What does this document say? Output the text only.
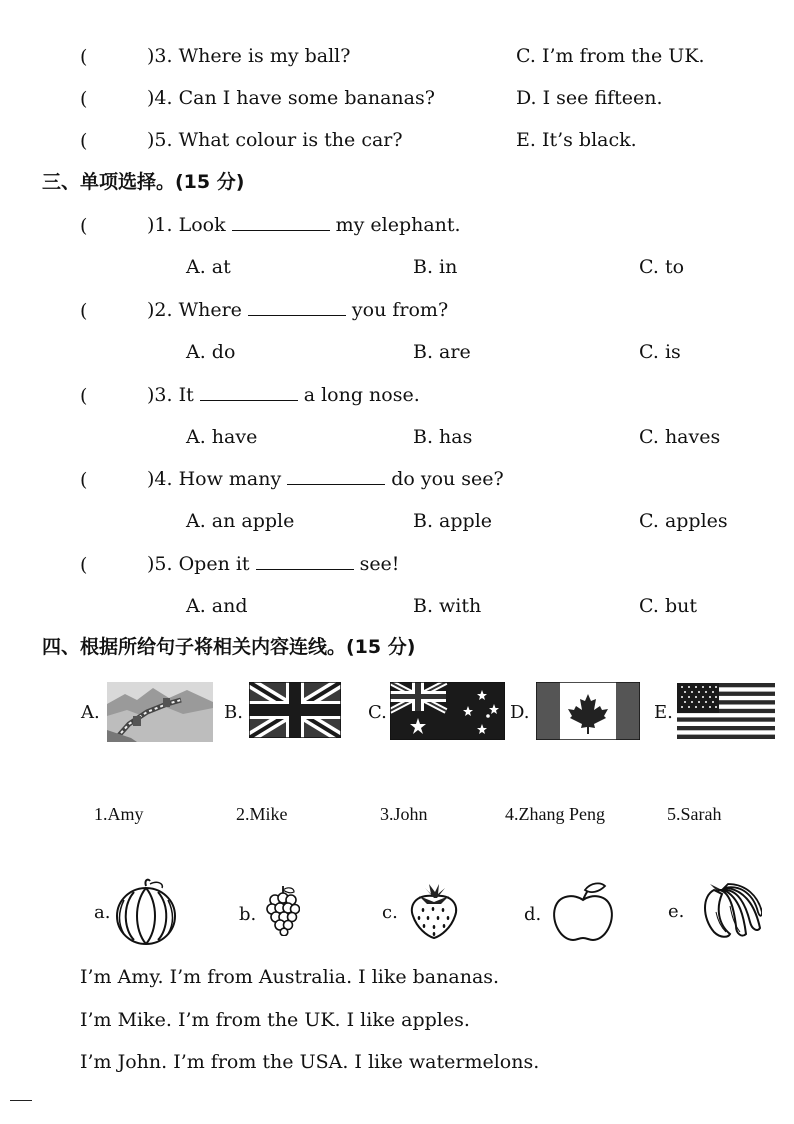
(	)3. Where is my ball?	C. I’m from the UK.
(	)4. Can I have some bananas?	D. I see fifteen.
(	)5. What colour is the car?	E. It’s black.
三、单项选择。(15 分)
(	)1. Look	my elephant.
A. at	B. in	C. to
(	)2. Where	you from?
A. do	B. are	C. is
(	)3. It	a long nose.
A. have	B. has	C. haves
(	)4. How many	do you see?
A. an apple	B. apple	C. apples
(	)5. Open it	see!
A. and	B. with	C. but
四、根据所给句子将相关内容连线。(15 分)
A.	B.	C.	D.	E.
1.Amy	2.Mike	3.John	4.Zhang Peng	5.Sarah
a.	b.	c.	d.	e.
I’m Amy. I’m from Australia. I like bananas.
I’m Mike. I’m from the UK. I like apples.
I’m John. I’m from the USA. I like watermelons.
